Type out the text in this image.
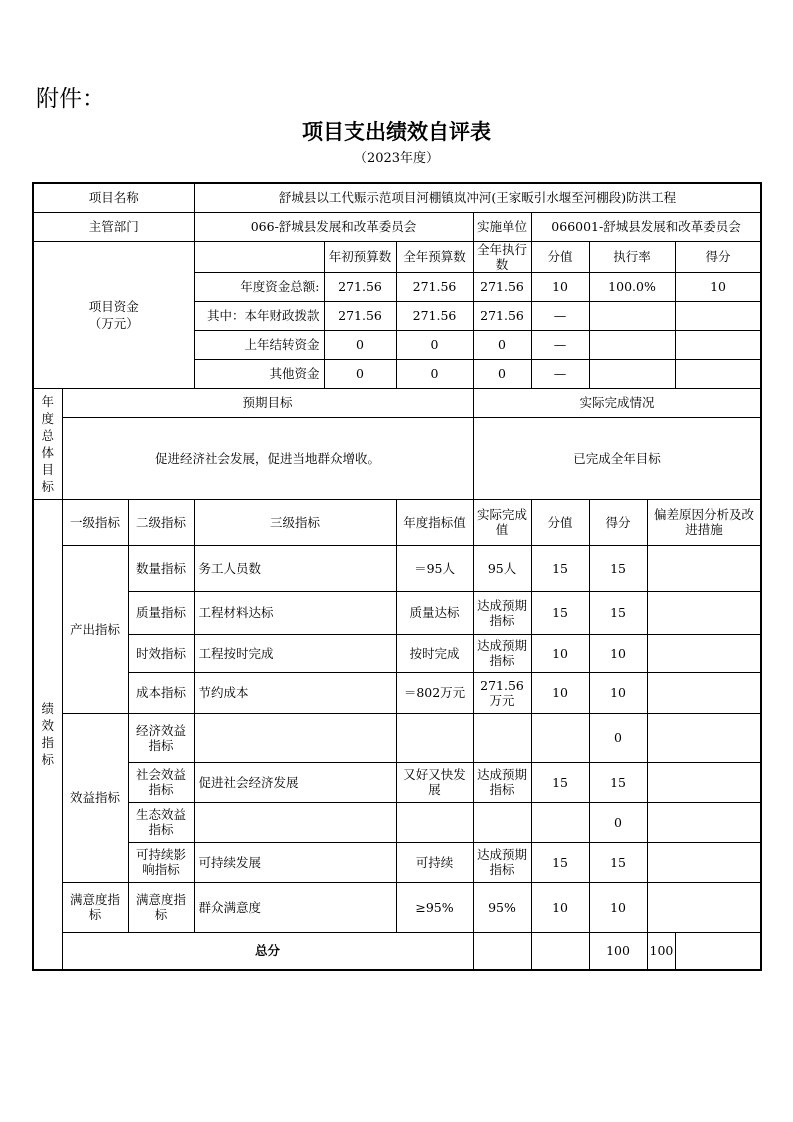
附件：
项目支出绩效自评表
（2023年度）
项目名称			舒城县以工代赈示范项目河棚镇岚冲河(王家畈引水堰至河棚段)防洪工程							
主管部门			066-舒城县发展和改革委员会			实施单位	066001-舒城县发展和改革委员会			
项目资金
（万元）				年初预算数	全年预算数	全年执行数	分值	执行率		得分
			年度资金总额:	271.56	271.56	271.56	10	100.0%		10
			其中：本年财政拨款	271.56	271.56	271.56	—			
			上年结转资金	0	0	0	—			
			其他资金	0	0	0	—			
年度总体目标	预期目标					实际完成情况				
	促进经济社会发展，促进当地群众增收。					已完成全年目标				
绩效指标	一级指标	二级指标	三级指标		年度指标值	实际完成值	分值	得分	偏差原因分析及改进措施	
	产出指标	数量指标	务工人员数		＝95人	95人	15	15		
		质量指标	工程材料达标		质量达标	达成预期指标	15	15		
		时效指标	工程按时完成		按时完成	达成预期指标	10	10		
		成本指标	节约成本		＝802万元	271.56万元	10	10		
	效益指标	经济效益指标						0		
		社会效益指标	促进社会经济发展		又好又快发展	达成预期指标	15	15		
		生态效益指标						0		
		可持续影响指标	可持续发展		可持续	达成预期指标	15	15		
	满意度指标	满意度指标	群众满意度		≥95%	95%	10	10		
	总分							100	100	
